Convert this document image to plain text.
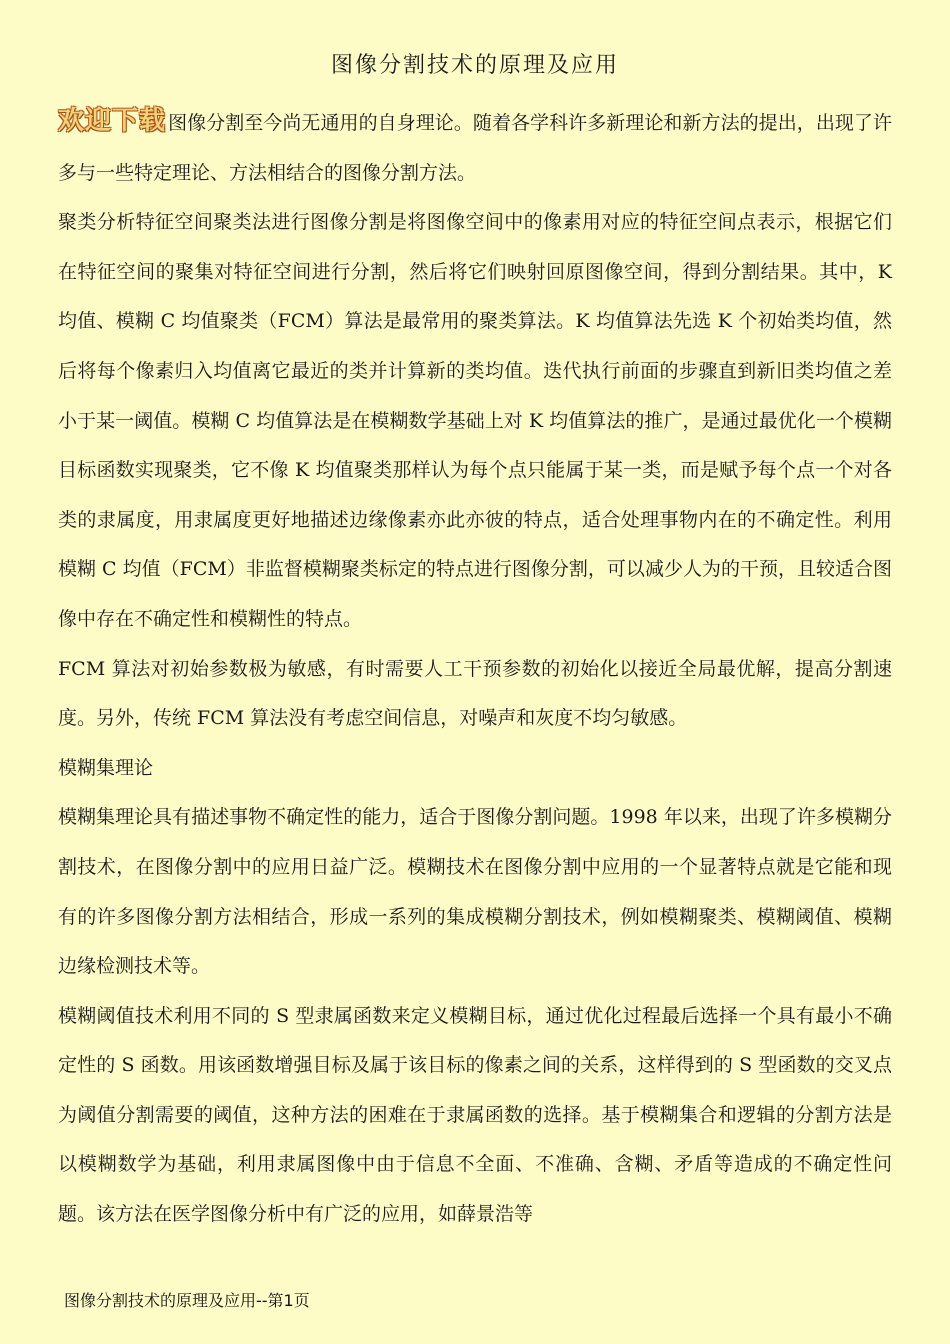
图像分割技术的原理及应用

欢迎下载 图像分割至今尚无通用的自身理论。随着各学科许多新理论和新方法的提出，出现了许多与一些特定理论、方法相结合的图像分割方法。

聚类分析特征空间聚类法进行图像分割是将图像空间中的像素用对应的特征空间点表示，根据它们在特征空间的聚集对特征空间进行分割，然后将它们映射回原图像空间，得到分割结果。其中，K 均值、模糊 C 均值聚类（FCM）算法是最常用的聚类算法。K 均值算法先选 K 个初始类均值，然后将每个像素归入均值离它最近的类并计算新的类均值。迭代执行前面的步骤直到新旧类均值之差小于某一阈值。模糊 C 均值算法是在模糊数学基础上对 K 均值算法的推广，是通过最优化一个模糊目标函数实现聚类，它不像 K 均值聚类那样认为每个点只能属于某一类，而是赋予每个点一个对各类的隶属度，用隶属度更好地描述边缘像素亦此亦彼的特点，适合处理事物内在的不确定性。利用模糊 C 均值（FCM）非监督模糊聚类标定的特点进行图像分割，可以减少人为的干预，且较适合图像中存在不确定性和模糊性的特点。

FCM 算法对初始参数极为敏感，有时需要人工干预参数的初始化以接近全局最优解，提高分割速度。另外，传统 FCM 算法没有考虑空间信息，对噪声和灰度不均匀敏感。

模糊集理论

模糊集理论具有描述事物不确定性的能力，适合于图像分割问题。1998 年以来，出现了许多模糊分割技术，在图像分割中的应用日益广泛。模糊技术在图像分割中应用的一个显著特点就是它能和现有的许多图像分割方法相结合，形成一系列的集成模糊分割技术，例如模糊聚类、模糊阈值、模糊边缘检测技术等。

模糊阈值技术利用不同的 S 型隶属函数来定义模糊目标，通过优化过程最后选择一个具有最小不确定性的 S 函数。用该函数增强目标及属于该目标的像素之间的关系，这样得到的 S 型函数的交叉点为阈值分割需要的阈值，这种方法的困难在于隶属函数的选择。基于模糊集合和逻辑的分割方法是以模糊数学为基础，利用隶属图像中由于信息不全面、不准确、含糊、矛盾等造成的不确定性问题。该方法在医学图像分析中有广泛的应用，如薛景浩等

图像分割技术的原理及应用--第1页
